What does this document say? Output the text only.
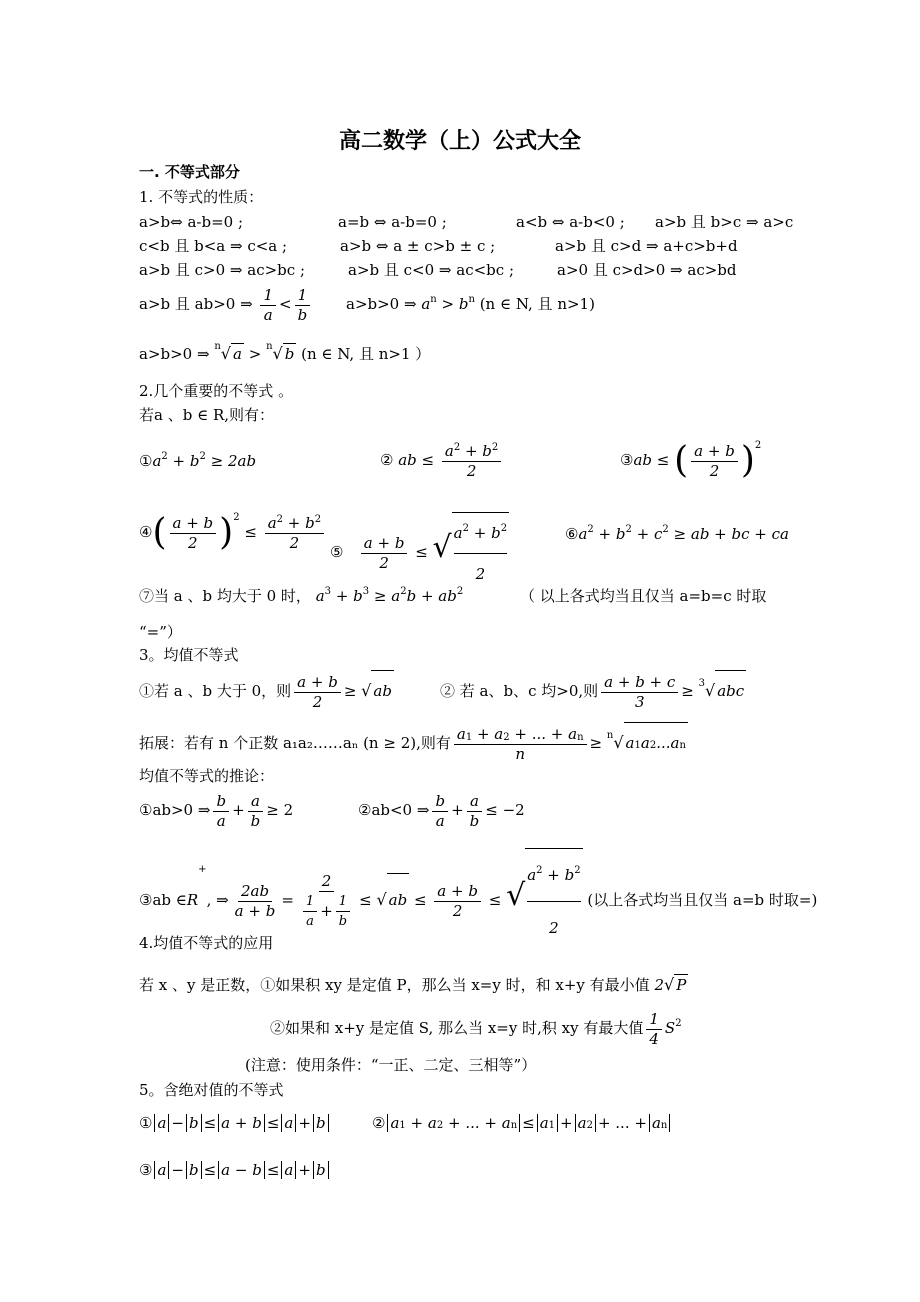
高二数学（上）公式大全
一. 不等式部分
1. 不等式的性质：
a>b⇔ a-b=0 ;	a=b ⇔ a-b=0 ;	a<b ⇔ a-b<0 ; a>b 且 b>c ⇒ a>c
c<b 且 b<a ⇒ c<a ;	a>b ⇔ a ± c>b ± c ;	a>b 且 c>d ⇒ a+c>b+d
a>b 且 c>0 ⇒ ac>bc ;	a>b 且 c<0 ⇒ ac<bc ;	a>0 且 c>d>0 ⇒ ac>bd
a>b 且 ab>0 ⇒ $\frac{1}{a} < \frac{1}{b} a>b>0$ ⇒ $a^n > b^n$ (n ∈ N, 且 n>1)
a>b>0 ⇒ $^n$√ a > $^n$√ b (n ∈ N, 且 n>1 ）
2.几个重要的不等式 。
若a 、b ∈ R,则有：
$①a^2 + b^2 \ge 2ab$	② ab ≤ $\frac{a^2 + b^2}{2}$	③ab ≤ ( $\frac{a + b}{2} )^2$
④( $\frac{a + b}{2} )^2 \le \frac{a^2 + b^2}{2}$ ⑤ $\frac{a + b}{2}$ ≤ √ $\frac{a^2 + b^2}{2}$	$⑥a^2 + b^2 + c^2$ ≥ ab + bc + ca
⑦当 a 、b 均大于 0 时， $a^3 + b^3 \ge a^2b + ab^2$	（ 以上各式均当且仅当 a=b=c 时取
“=”）
3。均值不等式
①若 a 、b 大于 0，则 $\frac{a + b}{2}$ ≥ √ ab	② 若 a、b、c 均>0,则 $\frac{a + b + c}{3} \ge ^3√$ abc
拓展：若有 n 个正数 a₁a₂……aₙ (n ≥ 2),则有 $\frac{a_1 + a_2 + ... + a_n}{n} \ge ^n√$ $a_1a_2...a_n$
均值不等式的推论：
①ab>0 ⇒ $\frac{b}{a} + \frac{a}{b} \ge 2$	②ab<0 ⇒ $\frac{b}{a} + \frac{a}{b} \le -2$
③ab ∈R+, ⇒ $\frac{2ab}{a + b} = \frac{2}{\frac{1}{a} + \frac{1}{b}}$ ≤ √ ab ≤ $\frac{a + b}{2}$ ≤ √ $\frac{a^2 + b^2}{2}$ (以上各式均当且仅当 a=b 时取=)
4.均值不等式的应用
若 x 、y 是正数，①如果积 xy 是定值 P，那么当 x=y 时，和 x+y 有最小值 2√ P
②如果和 x+y 是定值 S, 那么当 x=y 时,积 xy 有最大值 $\frac{1}{4} S^2$
(注意：使用条件：“一正、二定、三相等”）
5。含绝对值的不等式
① a − b ≤ a + b ≤ a + b	② $a_1 + a_2$ + ... + $a_n \le a_1 + a_2$ + ... + $a_n$
③ a − b ≤ a − b ≤ a + b
